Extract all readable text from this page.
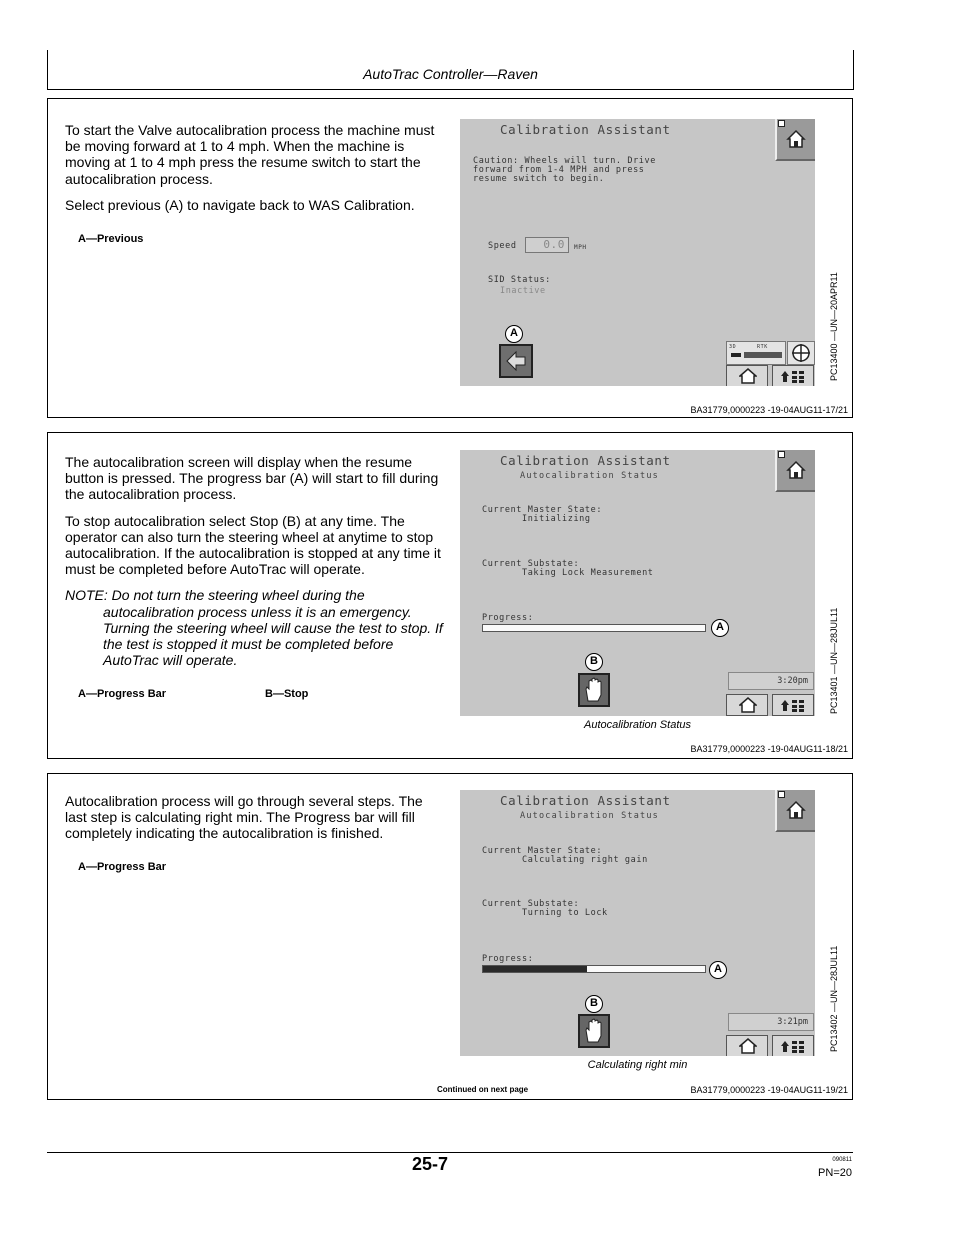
AutoTrac Controller—Raven

To start the Valve autocalibration process the machine must be moving forward at 1 to 4 mph. When the machine is moving at 1 to 4 mph press the resume switch to start the autocalibration process.

Select previous (A) to navigate back to WAS Calibration.

A—Previous
Calibration Assistant
Caution: Wheels will turn. Drive
forward from 1-4 MPH and press
resume switch to begin.
Speed	0.0	MPH
SID Status:
Inactive
A
3D	RTK	PC13400 —UN—20APR11
BA31779,0000223 -19-04AUG11-17/21

The autocalibration screen will display when the resume button is pressed. The progress bar (A) will start to fill during the autocalibration process.

To stop autocalibration select Stop (B) at any time. The operator can also turn the steering wheel at anytime to stop autocalibration. If the autocalibration is stopped at any time it must be completed before AutoTrac will operate.

NOTE: Do not turn the steering wheel during the
autocalibration process unless it is an emergency. Turning the steering wheel will cause the test to stop. If the test is stopped it must be completed before AutoTrac will operate.
A—Progress Bar	B—Stop
Calibration Assistant
Autocalibration Status
Current Master State:
Initializing
Current Substate:
Taking Lock Measurement
Progress:
A
B
3:20pm
Autocalibration Status
PC13401 —UN—28JUL11
BA31779,0000223 -19-04AUG11-18/21

Autocalibration process will go through several steps. The last step is calculating right min. The Progress bar will fill completely indicating the autocalibration is finished.

A—Progress Bar
Calibration Assistant
Autocalibration Status
Current Master State:
Calculating right gain
Current Substate:
Turning to Lock
Progress:
A
B
3:21pm
Calculating right min
PC13402 —UN—28JUL11
Continued on next page	BA31779,0000223 -19-04AUG11-19/21
25-7	090811
PN=20
